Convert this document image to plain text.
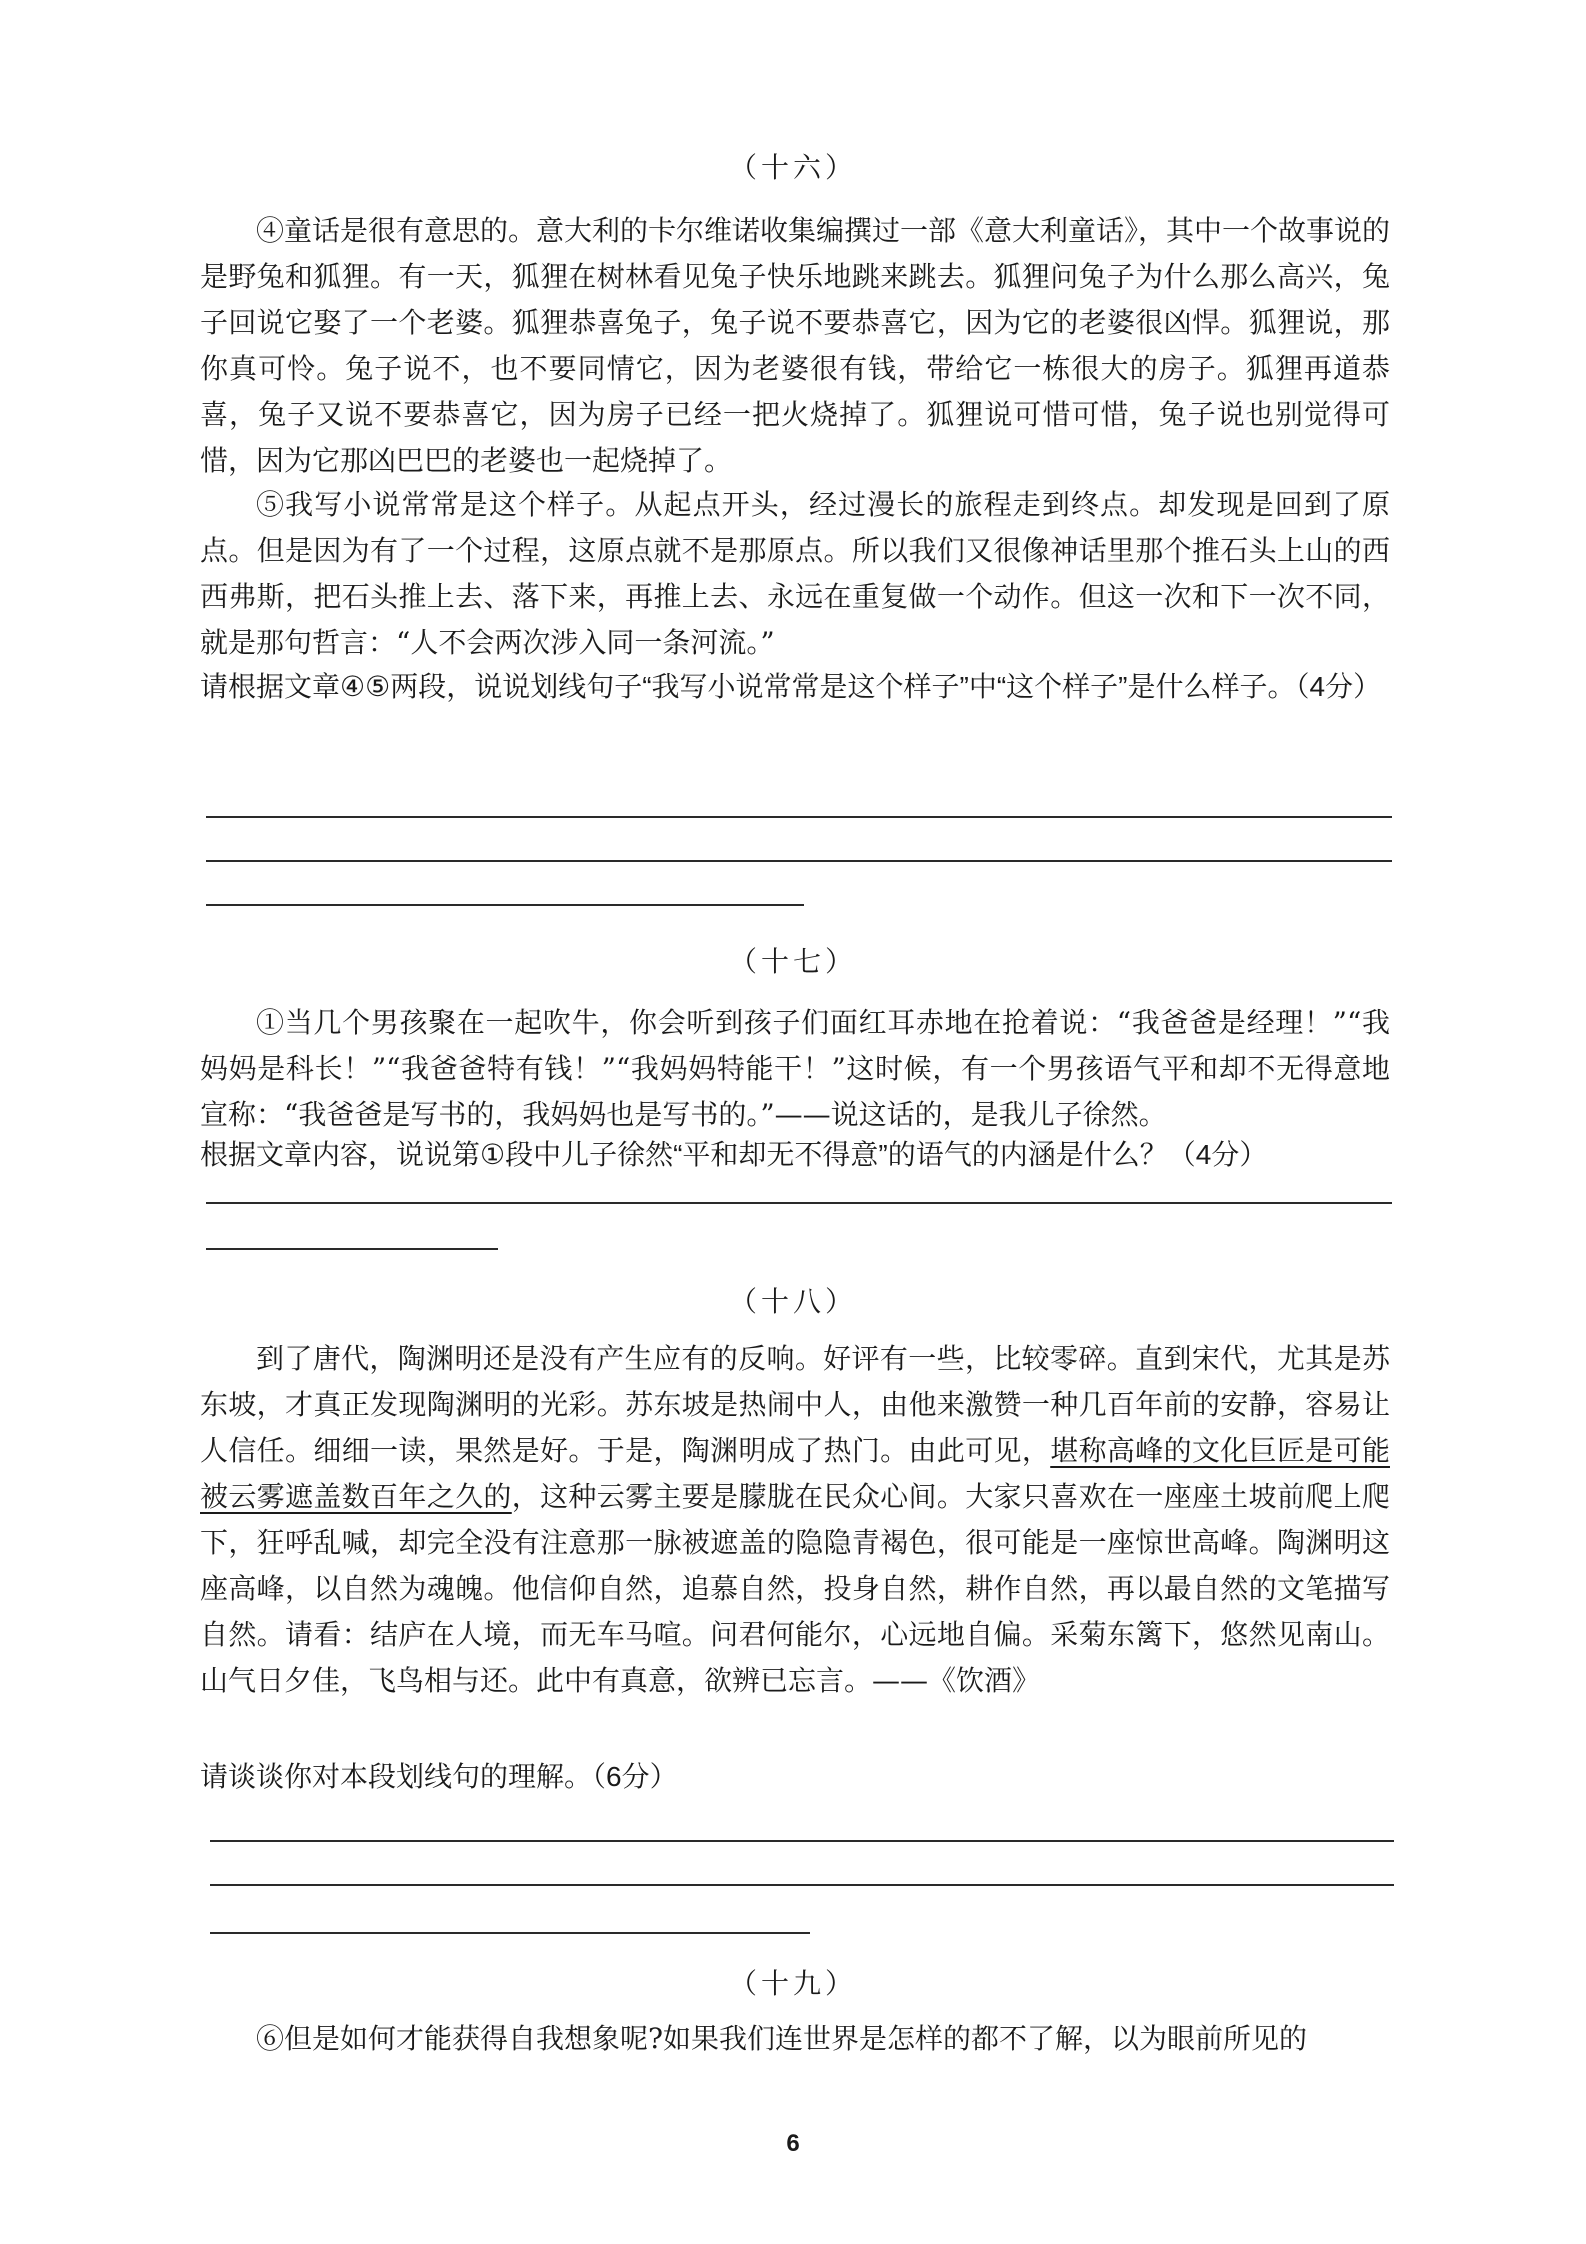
（十六）

④童话是很有意思的。意大利的卡尔维诺收集编撰过一部《意大利童话》，其中一个故事说的是野兔和狐狸。有一天，狐狸在树林看见兔子快乐地跳来跳去。狐狸问兔子为什么那么高兴，兔子回说它娶了一个老婆。狐狸恭喜兔子，兔子说不要恭喜它，因为它的老婆很凶悍。狐狸说，那你真可怜。兔子说不，也不要同情它，因为老婆很有钱，带给它一栋很大的房子。狐狸再道恭喜，兔子又说不要恭喜它，因为房子已经一把火烧掉了。狐狸说可惜可惜，兔子说也别觉得可惜，因为它那凶巴巴的老婆也一起烧掉了。

⑤我写小说常常是这个样子。从起点开头，经过漫长的旅程走到终点。却发现是回到了原点。但是因为有了一个过程，这原点就不是那原点。所以我们又很像神话里那个推石头上山的西西弗斯，把石头推上去、落下来，再推上去、永远在重复做一个动作。但这一次和下一次不同，就是那句哲言：“人不会两次涉入同一条河流。”

请根据文章④⑤两段，说说划线句子“我写小说常常是这个样子”中“这个样子”是什么样子。（4分）

（十七）

①当几个男孩聚在一起吹牛，你会听到孩子们面红耳赤地在抢着说：“我爸爸是经理！”“我妈妈是科长！”“我爸爸特有钱！”“我妈妈特能干！”这时候，有一个男孩语气平和却不无得意地宣称：“我爸爸是写书的，我妈妈也是写书的。”——说这话的，是我儿子徐然。

根据文章内容，说说第①段中儿子徐然“平和却无不得意”的语气的内涵是什么？（4分）

（十八）

到了唐代，陶渊明还是没有产生应有的反响。好评有一些，比较零碎。直到宋代，尤其是苏东坡，才真正发现陶渊明的光彩。苏东坡是热闹中人，由他来激赞一种几百年前的安静，容易让人信任。细细一读，果然是好。于是，陶渊明成了热门。由此可见，堪称高峰的文化巨匠是可能被云雾遮盖数百年之久的，这种云雾主要是朦胧在民众心间。大家只喜欢在一座座土坡前爬上爬下，狂呼乱喊，却完全没有注意那一脉被遮盖的隐隐青褐色，很可能是一座惊世高峰。陶渊明这座高峰，以自然为魂魄。他信仰自然，追慕自然，投身自然，耕作自然，再以最自然的文笔描写自然。请看：结庐在人境，而无车马喧。问君何能尔，心远地自偏。采菊东篱下，悠然见南山。山气日夕佳，飞鸟相与还。此中有真意，欲辨已忘言。——《饮酒》

请谈谈你对本段划线句的理解。（6分）

（十九）

⑥但是如何才能获得自我想象呢?如果我们连世界是怎样的都不了解，以为眼前所见的

6
